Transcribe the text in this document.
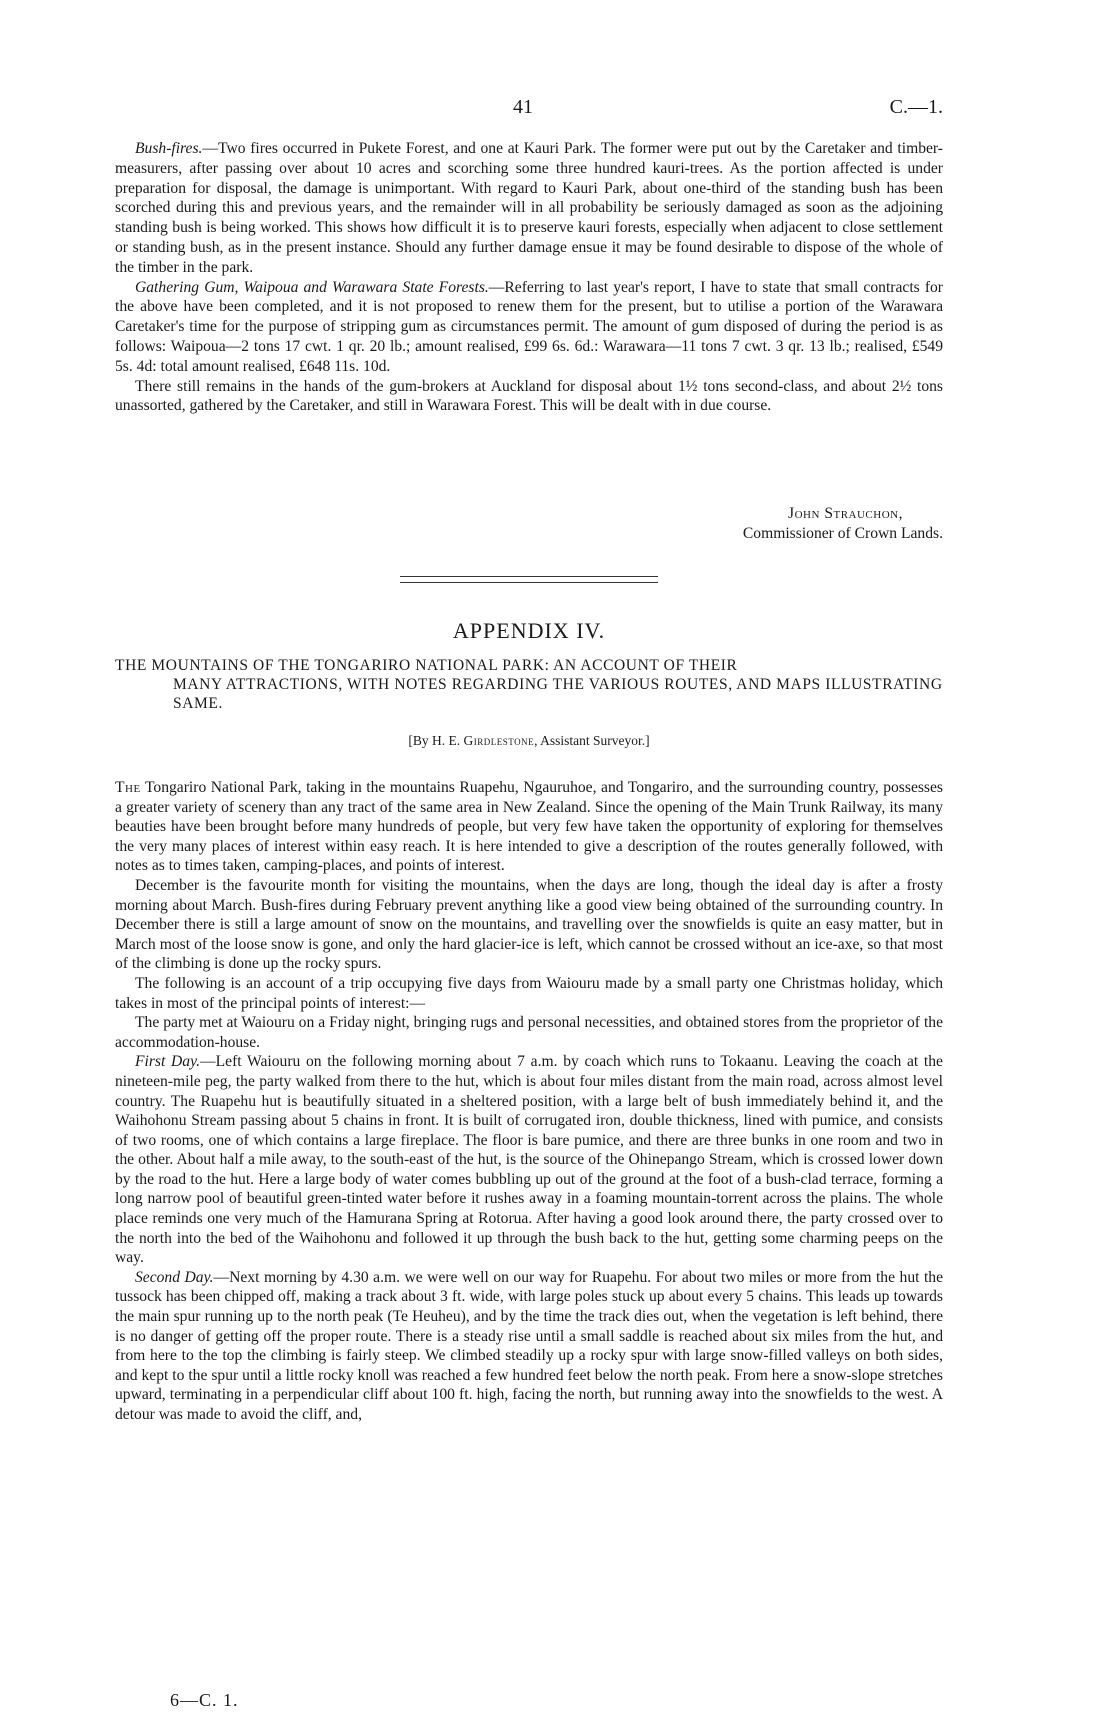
41	C.—1.

Bush-fires.—Two fires occurred in Pukete Forest, and one at Kauri Park. The former were put out by the Caretaker and timber-measurers, after passing over about 10 acres and scorching some three hundred kauri-trees. As the portion affected is under preparation for disposal, the damage is unimportant. With regard to Kauri Park, about one-third of the standing bush has been scorched during this and previous years, and the remainder will in all probability be seriously damaged as soon as the adjoining standing bush is being worked. This shows how difficult it is to preserve kauri forests, especially when adjacent to close settlement or standing bush, as in the present instance. Should any further damage ensue it may be found desirable to dispose of the whole of the timber in the park.

Gathering Gum, Waipoua and Warawara State Forests.—Referring to last year's report, I have to state that small contracts for the above have been completed, and it is not proposed to renew them for the present, but to utilise a portion of the Warawara Caretaker's time for the purpose of stripping gum as circumstances permit. The amount of gum disposed of during the period is as follows: Waipoua—2 tons 17 cwt. 1 qr. 20 lb.; amount realised, £99 6s. 6d.: Warawara—11 tons 7 cwt. 3 qr. 13 lb.; realised, £549 5s. 4d: total amount realised, £648 11s. 10d.

There still remains in the hands of the gum-brokers at Auckland for disposal about 1½ tons second-class, and about 2½ tons unassorted, gathered by the Caretaker, and still in Warawara Forest. This will be dealt with in due course.

John Strauchon,
Commissioner of Crown Lands.
APPENDIX IV.
THE MOUNTAINS OF THE TONGARIRO NATIONAL PARK: AN ACCOUNT OF THEIR
MANY ATTRACTIONS, WITH NOTES REGARDING THE VARIOUS ROUTES, AND MAPS ILLUSTRATING SAME.
[By H. E. Girdlestone, Assistant Surveyor.]

The Tongariro National Park, taking in the mountains Ruapehu, Ngauruhoe, and Tongariro, and the surrounding country, possesses a greater variety of scenery than any tract of the same area in New Zealand. Since the opening of the Main Trunk Railway, its many beauties have been brought before many hundreds of people, but very few have taken the opportunity of exploring for themselves the very many places of interest within easy reach. It is here intended to give a description of the routes generally followed, with notes as to times taken, camping-places, and points of interest.

December is the favourite month for visiting the mountains, when the days are long, though the ideal day is after a frosty morning about March. Bush-fires during February prevent anything like a good view being obtained of the surrounding country. In December there is still a large amount of snow on the mountains, and travelling over the snowfields is quite an easy matter, but in March most of the loose snow is gone, and only the hard glacier-ice is left, which cannot be crossed without an ice-axe, so that most of the climbing is done up the rocky spurs.

The following is an account of a trip occupying five days from Waiouru made by a small party one Christmas holiday, which takes in most of the principal points of interest:—

The party met at Waiouru on a Friday night, bringing rugs and personal necessities, and obtained stores from the proprietor of the accommodation-house.

First Day.—Left Waiouru on the following morning about 7 a.m. by coach which runs to Tokaanu. Leaving the coach at the nineteen-mile peg, the party walked from there to the hut, which is about four miles distant from the main road, across almost level country. The Ruapehu hut is beautifully situated in a sheltered position, with a large belt of bush immediately behind it, and the Waihohonu Stream passing about 5 chains in front. It is built of corrugated iron, double thickness, lined with pumice, and consists of two rooms, one of which contains a large fireplace. The floor is bare pumice, and there are three bunks in one room and two in the other. About half a mile away, to the south-east of the hut, is the source of the Ohinepango Stream, which is crossed lower down by the road to the hut. Here a large body of water comes bubbling up out of the ground at the foot of a bush-clad terrace, forming a long narrow pool of beautiful green-tinted water before it rushes away in a foaming mountain-torrent across the plains. The whole place reminds one very much of the Hamurana Spring at Rotorua. After having a good look around there, the party crossed over to the north into the bed of the Waihohonu and followed it up through the bush back to the hut, getting some charming peeps on the way.

Second Day.—Next morning by 4.30 a.m. we were well on our way for Ruapehu. For about two miles or more from the hut the tussock has been chipped off, making a track about 3 ft. wide, with large poles stuck up about every 5 chains. This leads up towards the main spur running up to the north peak (Te Heuheu), and by the time the track dies out, when the vegetation is left behind, there is no danger of getting off the proper route. There is a steady rise until a small saddle is reached about six miles from the hut, and from here to the top the climbing is fairly steep. We climbed steadily up a rocky spur with large snow-filled valleys on both sides, and kept to the spur until a little rocky knoll was reached a few hundred feet below the north peak. From here a snow-slope stretches upward, terminating in a perpendicular cliff about 100 ft. high, facing the north, but running away into the snowfields to the west. A detour was made to avoid the cliff, and,

6—C. 1.
